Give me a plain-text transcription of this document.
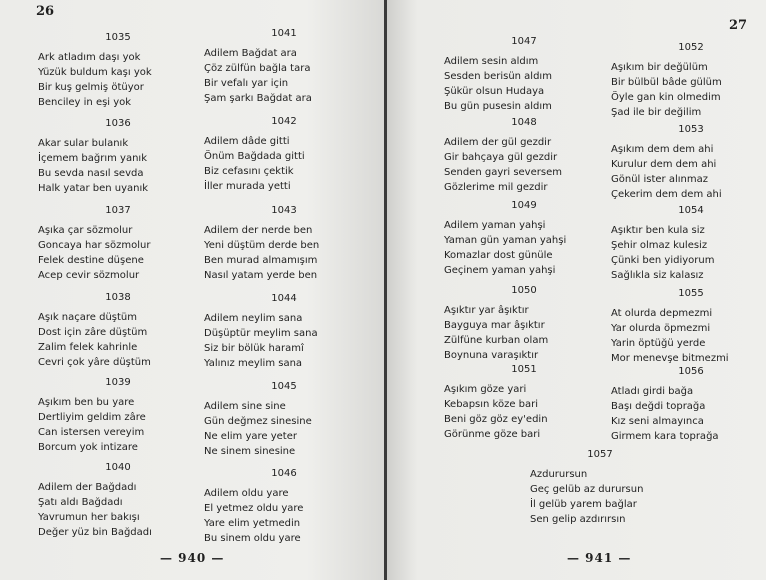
26
1035
Ark atladım daşı yok
Yüzük buldum kaşı yok
Bir kuş gelmiş ötüyor
Benciley in eşi yok
1036
Akar sular bulanık
İçemem bağrım yanık
Bu sevda nasıl sevda
Halk yatar ben uyanık
1037
Aşıka çar sözmolur
Goncaya har sözmolur
Felek destine düşene
Acep cevir sözmolur
1038
Aşık naçare düştüm
Dost için zâre düştüm
Zalim felek kahrinle
Cevri çok yâre düştüm
1039
Aşıkım ben bu yare
Dertliyim geldim zâre
Can istersen vereyim
Borcum yok intizare
1040
Adilem der Bağdadı
Şatı aldı Bağdadı
Yavrumun her bakışı
Değer yüz bin Bağdadı
1041
Adilem Bağdat ara
Çöz zülfün bağla tara
Bir vefalı yar için
Şam şarkı Bağdat ara
1042
Adilem dâde gitti
Önüm Bağdada gitti
Biz cefasını çektik
İller murada yetti
1043
Adilem der nerde ben
Yeni düştüm derde ben
Ben murad almamışım
Nasıl yatam yerde ben
1044
Adilem neylim sana
Düşüptür meylim sana
Siz bir bölük haramî
Yalınız meylim sana
1045
Adilem sine sine
Gün değmez sinesine
Ne elim yare yeter
Ne sinem sinesine
1046
Adilem oldu yare
El yetmez oldu yare
Yare elim yetmedin
Bu sinem oldu yare
— 940 —
27
1047
Adilem sesin aldım
Sesden berisün aldım
Şükür olsun Hudaya
Bu gün pusesin aldım
1048
Adilem der gül gezdir
Gir bahçaya gül gezdir
Senden gayri seversem
Gözlerime mil gezdir
1049
Adilem yaman yahşi
Yaman gün yaman yahşi
Komazlar dost günüle
Geçinem yaman yahşi
1050
Aşıktır yar âşıktır
Bayguya mar âşıktır
Zülfüne kurban olam
Boynuna varaşıktır
1051
Aşıkım göze yari
Kebapsın köze bari
Beni göz göz ey'edin
Görünme göze bari
1052
Aşıkım bir değülüm
Bir bülbül bâde gülüm
Öyle gan kin olmedim
Şad ile bir değilim
1053
Aşıkım dem dem ahi
Kurulur dem dem ahi
Gönül ister alınmaz
Çekerim dem dem ahi
1054
Aşıktır ben kula siz
Şehir olmaz kulesiz
Çünki ben yidiyorum
Sağlıkla siz kalasız
1055
At olurda depmezmi
Yar olurda öpmezmi
Yarin öptüğü yerde
Mor menevşe bitmezmi
1056
Atladı girdi bağa
Başı değdi toprağa
Kız seni almayınca
Girmem kara toprağa
1057
Azdurursun
Geç gelüb az durursun
İl gelüb yarem bağlar
Sen gelip azdırırsın
— 941 —
